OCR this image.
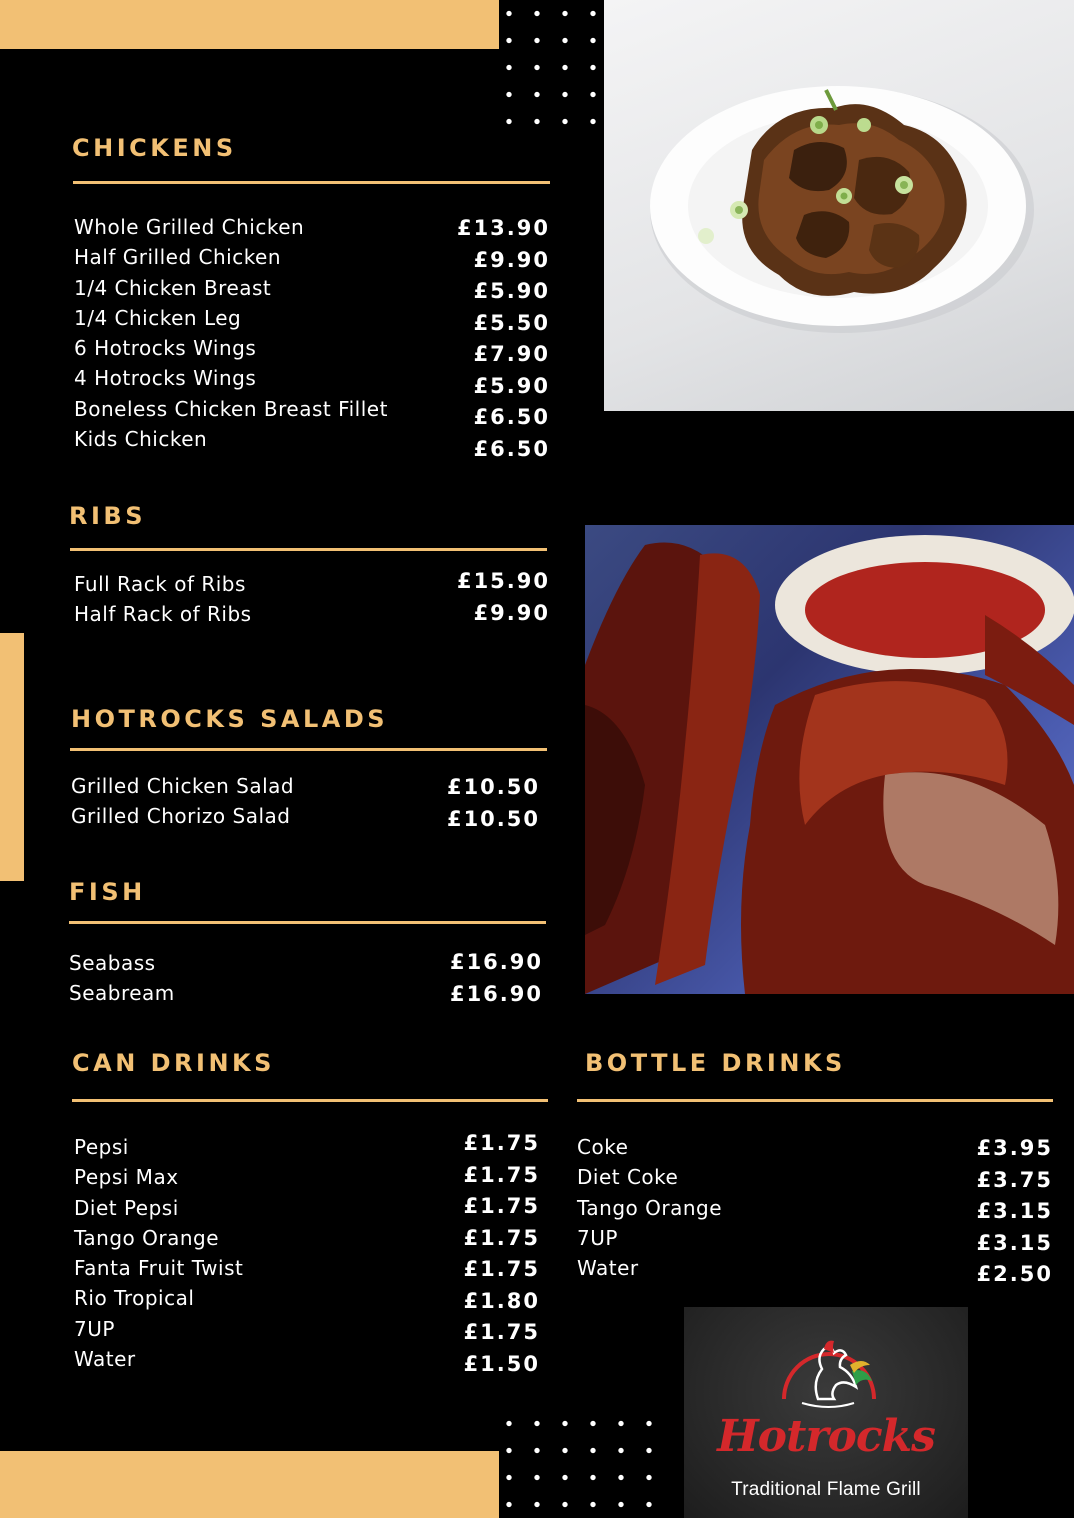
CHICKENS
Whole Grilled Chicken
Half Grilled Chicken
1/4 Chicken Breast
1/4 Chicken Leg
6 Hotrocks Wings
4 Hotrocks Wings
Boneless Chicken Breast Fillet
Kids Chicken
£13.90
£9.90
£5.90
£5.50
£7.90
£5.90
£6.50
£6.50
RIBS
Full Rack of Ribs
Half Rack of Ribs
£15.90
£9.90
HOTROCKS SALADS
Grilled Chicken Salad
Grilled Chorizo Salad
£10.50
£10.50
FISH
Seabass
Seabream
£16.90
£16.90
CAN DRINKS
Pepsi
Pepsi Max
Diet Pepsi
Tango Orange
Fanta Fruit Twist
Rio Tropical
7UP
Water
£1.75
£1.75
£1.75
£1.75
£1.75
£1.80
£1.75
£1.50
BOTTLE DRINKS
Coke
Diet Coke
Tango Orange
7UP
Water
£3.95
£3.75
£3.15
£3.15
£2.50
Hotrocks
Traditional Flame Grill
